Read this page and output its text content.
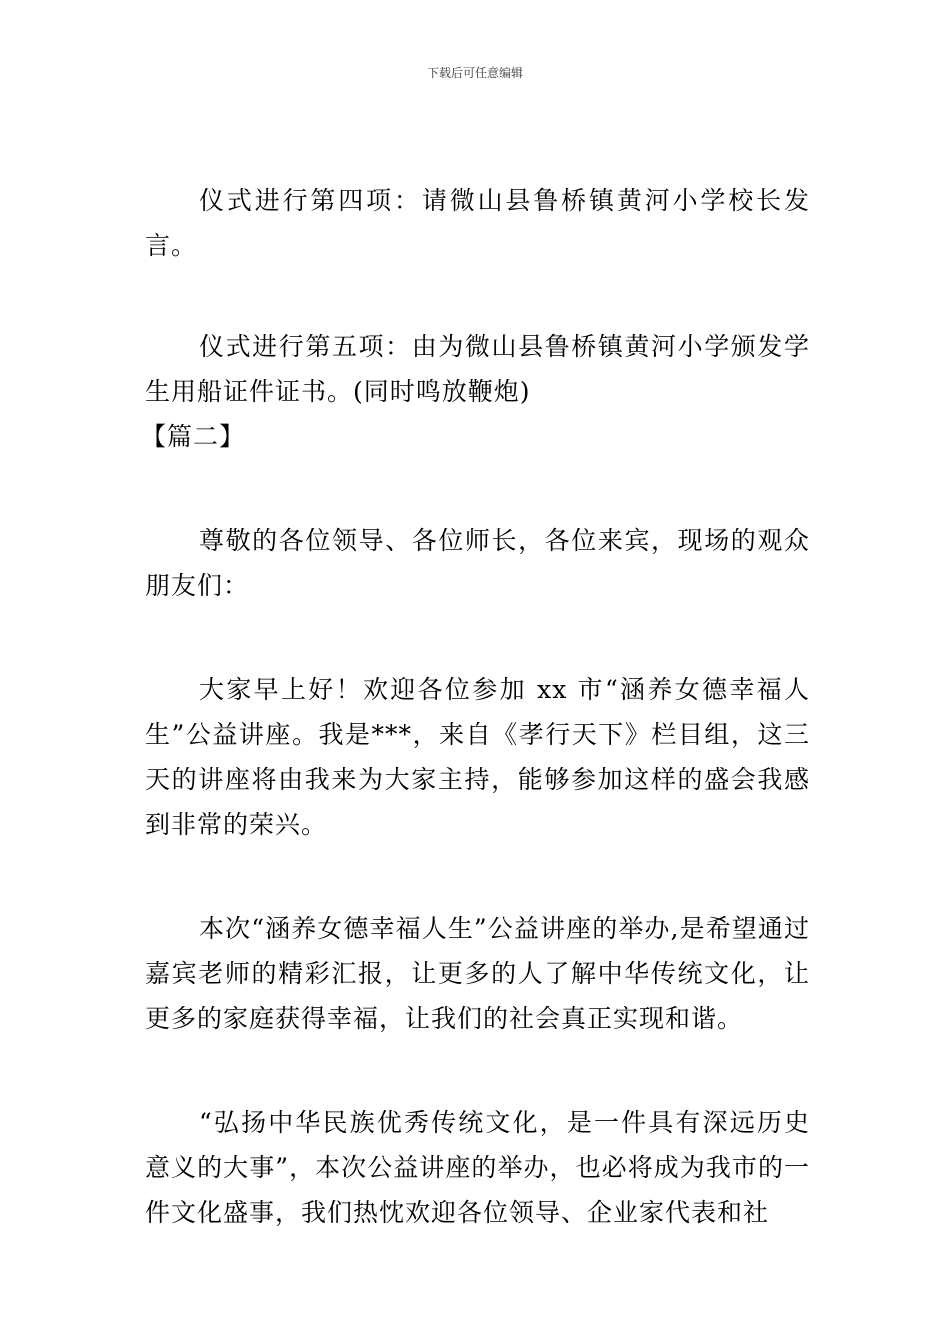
下载后可任意编辑

仪式进行第四项：请微山县鲁桥镇黄河小学校长发言。

仪式进行第五项：由为微山县鲁桥镇黄河小学颁发学生用船证件证书。(同时鸣放鞭炮)

【篇二】

尊敬的各位领导、各位师长，各位来宾，现场的观众朋友们：

大家早上好！欢迎各位参加 xx 市“涵养女德幸福人生”公益讲座。我是***，来自《孝行天下》栏目组，这三天的讲座将由我来为大家主持，能够参加这样的盛会我感到非常的荣兴。

本次“涵养女德幸福人生”公益讲座的举办,是希望通过嘉宾老师的精彩汇报，让更多的人了解中华传统文化，让更多的家庭获得幸福，让我们的社会真正实现和谐。

“弘扬中华民族优秀传统文化，是一件具有深远历史意义的大事”，本次公益讲座的举办，也必将成为我市的一件文化盛事，我们热忱欢迎各位领导、企业家代表和社
